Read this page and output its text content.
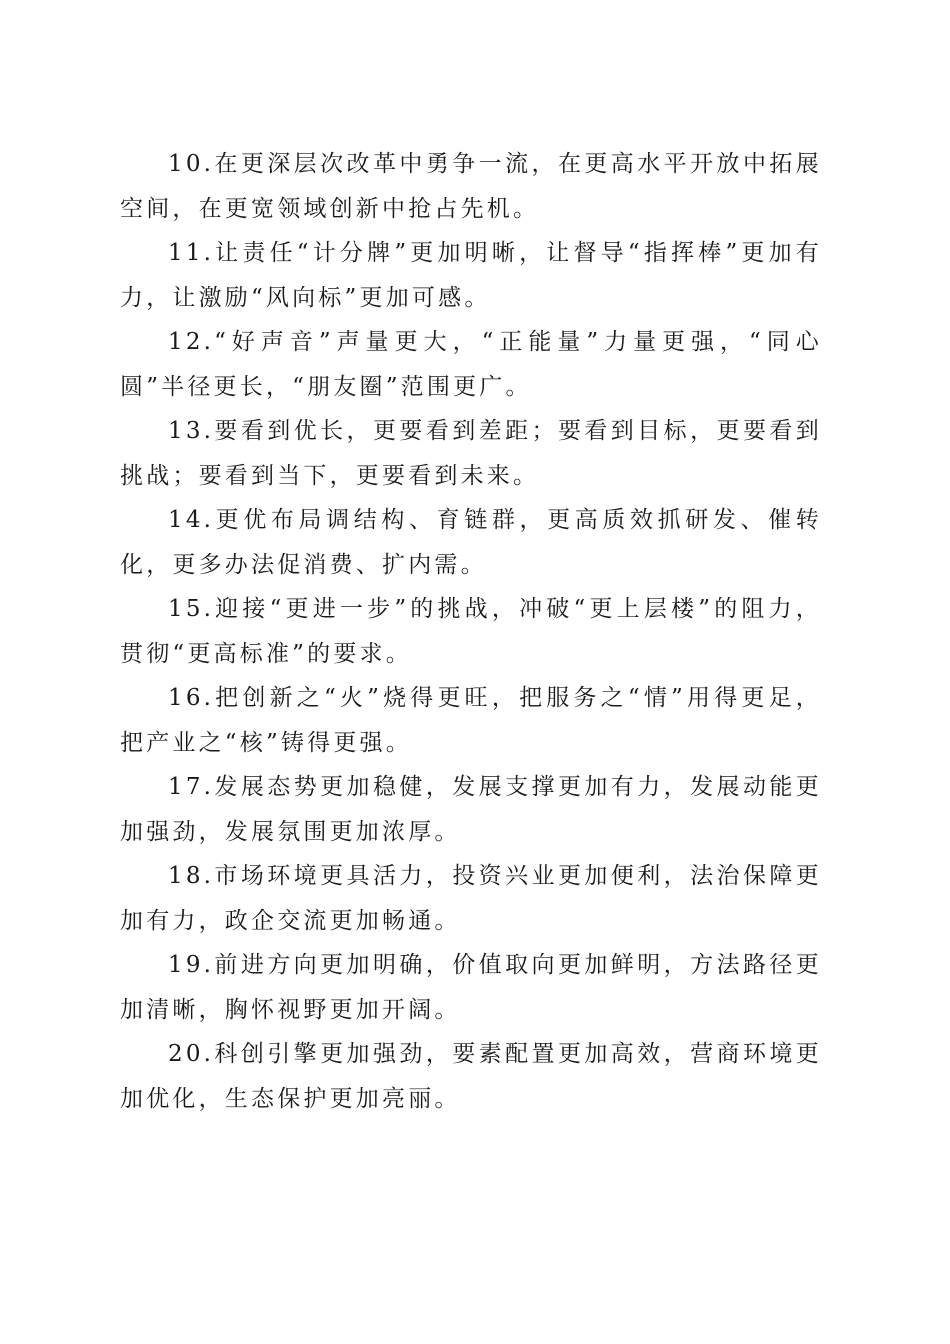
10.在更深层次改革中勇争一流，在更高水平开放中拓展空间，在更宽领域创新中抢占先机。

11.让责任“计分牌”更加明晰，让督导“指挥棒”更加有力，让激励“风向标”更加可感。

12.“好声音”声量更大，“正能量”力量更强，“同心圆”半径更长，“朋友圈”范围更广。

13.要看到优长，更要看到差距；要看到目标，更要看到挑战；要看到当下，更要看到未来。

14.更优布局调结构、育链群，更高质效抓研发、催转化，更多办法促消费、扩内需。

15.迎接“更进一步”的挑战，冲破“更上层楼”的阻力，贯彻“更高标准”的要求。

16.把创新之“火”烧得更旺，把服务之“情”用得更足，把产业之“核”铸得更强。

17.发展态势更加稳健，发展支撑更加有力，发展动能更加强劲，发展氛围更加浓厚。

18.市场环境更具活力，投资兴业更加便利，法治保障更加有力，政企交流更加畅通。

19.前进方向更加明确，价值取向更加鲜明，方法路径更加清晰，胸怀视野更加开阔。

20.科创引擎更加强劲，要素配置更加高效，营商环境更加优化，生态保护更加亮丽。
